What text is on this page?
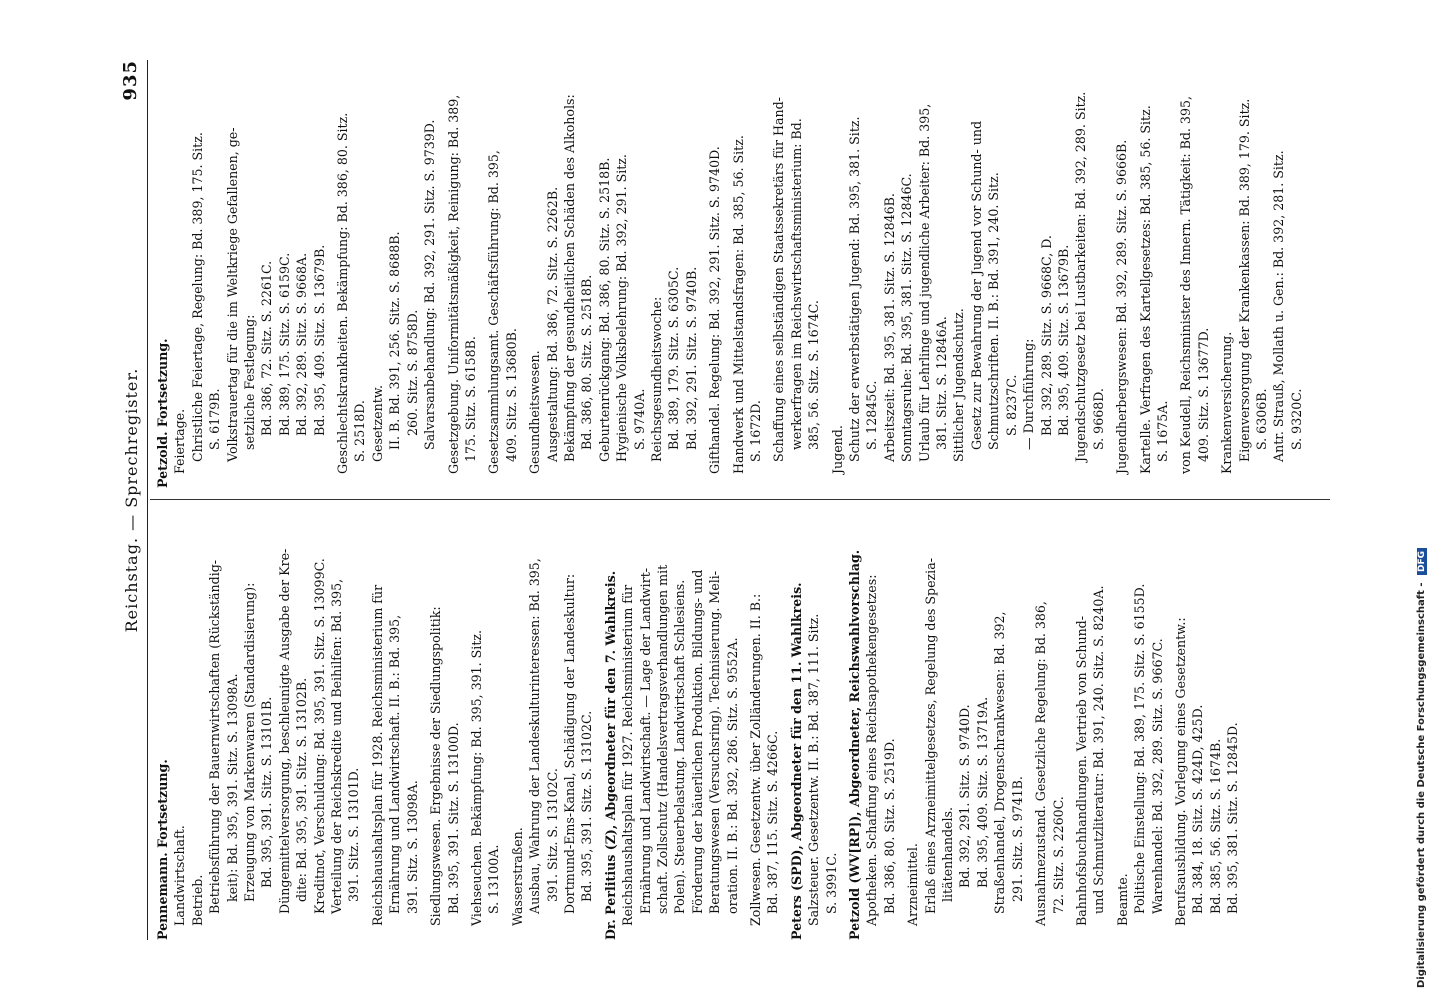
Reichstag. — Sprechregister.
935
Pennemann. Fortsetzung. Landwirtschaft. Betrieb. Betriebsführung der Bauernwirtschaften (Rückständig- keit): Bd. 395, 391. Sitz. S. 13098A. Erzeugung von Markenwaren (Standardisierung): Bd. 395, 391. Sitz. S. 13101B. Düngemittelversorgung, beschleunigte Ausgabe der Kre- dite: Bd. 395, 391. Sitz. S. 13102B. Kreditnot, Verschuldung: Bd. 395, 391. Sitz. S. 13099C. Verteilung der Reichskredite und Beihilfen: Bd. 395, 391. Sitz. S. 13101D. Reichshaushaltsplan für 1928. Reichsministerium für Ernährung und Landwirtschaft. II. B.: Bd. 395, 391. Sitz. S. 13098A. Siedlungswesen. Ergebnisse der Siedlungspolitik: Bd. 395, 391. Sitz. S. 13100D. Viehseuchen. Bekämpfung: Bd. 395, 391. Sitz. S. 13100A. Wasserstraßen. Ausbau, Wahrung der Landeskulturinteressen: Bd. 395, 391. Sitz. S. 13102C. Dortmund-Ems-Kanal, Schädigung der Landeskultur: Bd. 395, 391. Sitz. S. 13102C. Dr. Perlitius (Z), Abgeordneter für den 7. Wahlkreis. Reichshaushaltsplan für 1927. Reichsministerium für Ernährung und Landwirtschaft. — Lage der Landwirt- schaft. Zollschutz (Handelsvertragsverhandlungen mit Polen). Steuerbelastung. Landwirtschaft Schlesiens. Förderung der bäuerlichen Produktion. Bildungs- und Beratungswesen (Versuchsring). Technisierung. Meli- oration. II. B.: Bd. 392, 286. Sitz. S. 9552A. Zollwesen. Gesetzentw. über Zolländerungen. II. B.: Bd. 387, 115. Sitz. S. 4266C. Peters (SPD), Abgeordneter für den 11. Wahlkreis. Salzsteuer. Gesetzentw. II. B.: Bd. 387, 111. Sitz. S. 3991C. Petzold (WV[RP]), Abgeordneter, Reichswahlvorschlag. Apotheken. Schaffung eines Reichsapothekengesetzes: Bd. 386, 80. Sitz. S. 2519D. Arzneimittel. Erlaß eines Arzneimittelgesetzes, Regelung des Spezia- litätenhandels. Bd. 392, 291. Sitz. S. 9740D. Bd. 395, 409. Sitz. S. 13719A. Straßenhandel, Drogenschrankwesen: Bd. 392, 291. Sitz. S. 9741B. Ausnahmezustand. Gesetzliche Regelung: Bd. 386, 72. Sitz. S. 2260C. Bahnhofsbuchhandlungen. Vertrieb von Schund- und Schmutzliteratur: Bd. 391, 240. Sitz. S. 8240A. Beamte. Politische Einstellung: Bd. 389, 175. Sitz. S. 6155D. Warenhandel: Bd. 392, 289. Sitz. S. 9667C. Berufsausbildung. Vorlegung eines Gesetzentw.: Bd. 384, 18. Sitz. S. 424D, 425D. Bd. 385, 56. Sitz. S. 1674B. Bd. 395, 381. Sitz. S. 12845D.
Petzold. Fortsetzung. Feiertage. Christliche Feiertage, Regelung: Bd. 389, 175. Sitz. S. 6179B. Volkstrauertag für die im Weltkriege Gefallenen, ge- setzliche Festlegung: Bd. 386, 72. Sitz. S. 2261C. Bd. 389, 175. Sitz. S. 6159C. Bd. 392, 289. Sitz. S. 9668A. Bd. 395, 409. Sitz. S. 13679B. Geschlechtskrankheiten. Bekämpfung: Bd. 386, 80. Sitz. S. 2518D. Gesetzentw. II. B. Bd. 391, 256. Sitz. S. 8688B. 260. Sitz. S. 8758D. Salvarsanbehandlung: Bd. 392, 291. Sitz. S. 9739D. Gesetzgebung. Uniformitätsmäßigkeit, Reinigung: Bd. 389, 175. Sitz. S. 6158B. Gesetzsammlungsamt. Geschäftsführung: Bd. 395, 409. Sitz. S. 13680B. Gesundheitswesen. Ausgestaltung: Bd. 386, 72. Sitz. S. 2262B. Bekämpfung der gesundheitlichen Schäden des Alkohols: Bd. 386, 80. Sitz. S. 2518B. Geburtenrückgang: Bd. 386, 80. Sitz. S. 2518B. Hygienische Volksbelehrung: Bd. 392, 291. Sitz. S. 9740A. Reichsgesundheitswoche: Bd. 389, 179. Sitz. S. 6305C. Bd. 392, 291. Sitz. S. 9740B. Gifthandel. Regelung: Bd. 392, 291. Sitz. S. 9740D. Handwerk und Mittelstandsfragen: Bd. 385, 56. Sitz. S. 1672D. Schaffung eines selbständigen Staatssekretärs für Hand- werkerfragen im Reichswirtschaftsministerium: Bd. 385, 56. Sitz. S. 1674C. Jugend. Schutz der erwerbstätigen Jugend: Bd. 395, 381. Sitz. S. 12845C. Arbeitszeit: Bd. 395, 381. Sitz. S. 12846B. Sonntagsruhe: Bd. 395, 381. Sitz. S. 12846C. Urlaub für Lehrlinge und jugendliche Arbeiter: Bd. 395, 381. Sitz. S. 12846A. Sittlicher Jugendschutz. Gesetz zur Bewahrung der Jugend vor Schund- und Schmutzschriften. II. B.: Bd. 391, 240. Sitz. S. 8237C. — Durchführung: Bd. 392, 289. Sitz. S. 9668C, D. Bd. 395, 409. Sitz. S. 13679B. Jugendschutzgesetz bei Lustbarkeiten: Bd. 392, 289. Sitz. S. 9668D. Jugendherbergswesen: Bd. 392, 289. Sitz. S. 9666B. Kartelle. Verfragen des Kartellgesetzes: Bd. 385, 56. Sitz. S. 1675A. von Keudell, Reichsminister des Innern. Tätigkeit: Bd. 395, 409. Sitz. S. 13677D. Krankenversicherung. Eigenversorgung der Krankenkassen: Bd. 389, 179. Sitz. S. 6306B. Antr. Strauß, Mollath u. Gen.: Bd. 392, 281. Sitz. S. 9320C.
Digitalisierung gefördert durch die Deutsche Forschungsgemeinschaft - DFG
